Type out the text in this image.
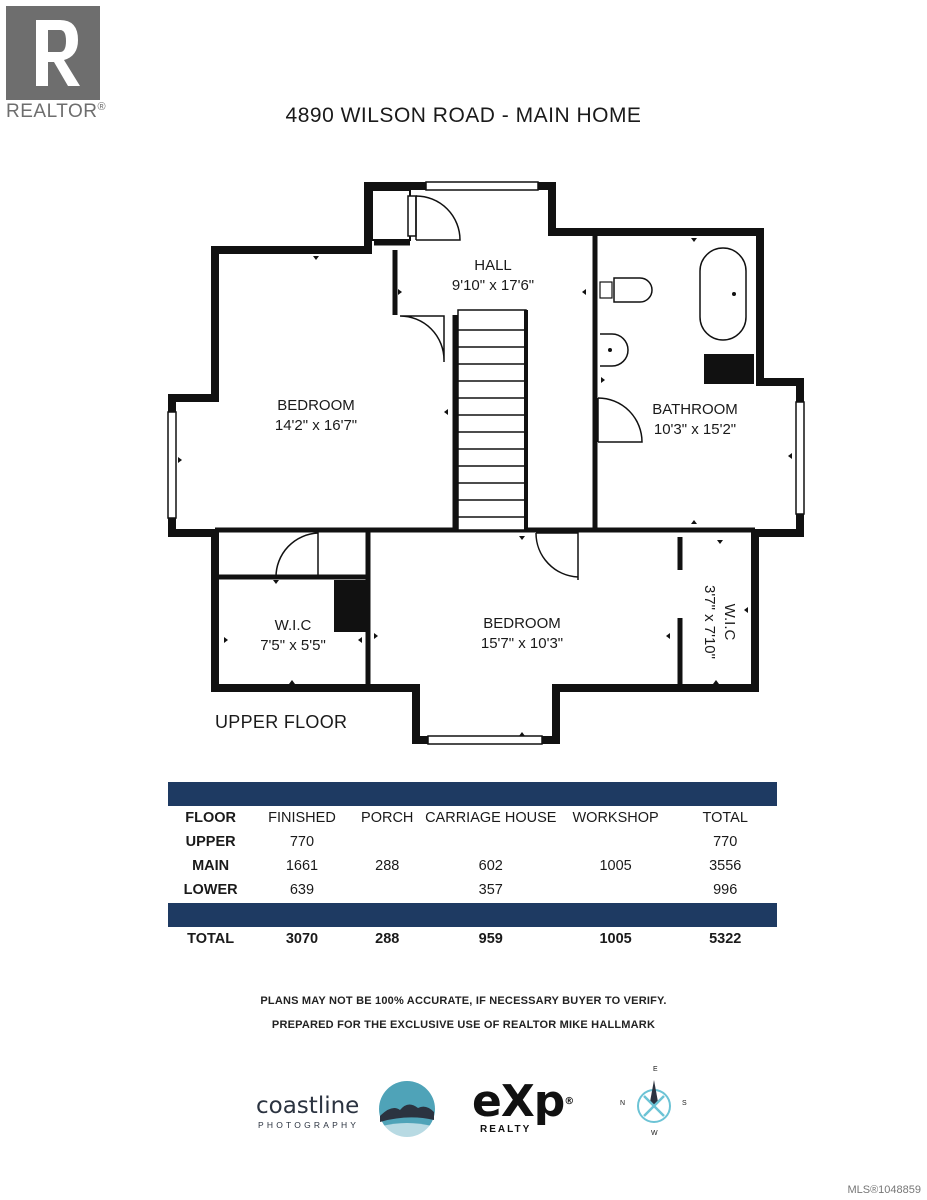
REALTOR®	4890 WILSON ROAD - MAIN HOME
HALL
9'10" x 17'6"
BEDROOM
14'2" x 16'7"
BATHROOM
10'3" x 15'2"
W.I.C
7'5" x 5'5"
BEDROOM
15'7" x 10'3"
W.I.C
3'7" x 7'10"
UPPER FLOOR
FLOOR	FINISHED	PORCH	CARRIAGE HOUSE	WORKSHOP	TOTAL
UPPER	770				770
MAIN	1661	288	602	1005	3556
LOWER	639		357		996
TOTAL	3070	288	959	1005	5322
PLANS MAY NOT BE 100% ACCURATE, IF NECESSARY BUYER TO VERIFY.
PREPARED FOR THE EXCLUSIVE USE OF REALTOR MIKE HALLMARK
coastline
PHOTOGRAPHY	eXp®
REALTY
N
E
S
W
MLS®1048859
